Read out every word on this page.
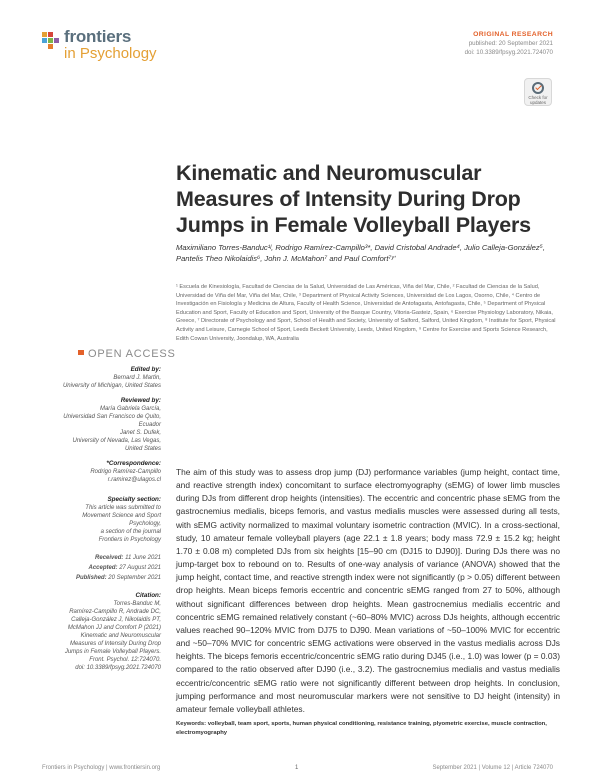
frontiers
in Psychology
ORIGINAL RESEARCH
published: 20 September 2021
doi: 10.3389/fpsyg.2021.724070
Check for updates
Kinematic and Neuromuscular Measures of Intensity During Drop Jumps in Female Volleyball Players
Maximiliano Torres-Banduc¹ʲ, Rodrigo Ramírez-Campillo³*, David Cristobal Andrade⁴, Julio Calleja-González⁵, Pantelis Theo Nikolaidis⁶, John J. McMahon⁷ and Paul Comfort⁷ʸʹ
¹ Escuela de Kinesiología, Facultad de Ciencias de la Salud, Universidad de Las Américas, Viña del Mar, Chile, ² Facultad de Ciencias de la Salud, Universidad de Viña del Mar, Viña del Mar, Chile, ³ Department of Physical Activity Sciences, Universidad de Los Lagos, Osorno, Chile, ⁴ Centro de Investigación en Fisiología y Medicina de Altura, Faculty of Health Science, Universidad de Antofagasta, Antofagasta, Chile, ⁵ Department of Physical Education and Sport, Faculty of Education and Sport, University of the Basque Country, Vitoria-Gasteiz, Spain, ⁶ Exercise Physiology Laboratory, Nikaia, Greece, ⁷ Directorate of Psychology and Sport, School of Health and Society, University of Salford, Salford, United Kingdom, ⁸ Institute for Sport, Physical Activity and Leisure, Carnegie School of Sport, Leeds Beckett University, Leeds, United Kingdom, ⁹ Centre for Exercise and Sports Science Research, Edith Cowan University, Joondalup, WA, Australia
OPEN ACCESS
Edited by:
Bernard J. Martin,
University of Michigan, United States
Reviewed by:
María Gabriela García,
Universidad San Francisco de Quito,
Ecuador
Janet S. Dufek,
University of Nevada, Las Vegas,
United States
*Correspondence:
Rodrigo Ramírez-Campillo
r.ramirez@ulagos.cl
Specialty section:
This article was submitted to
Movement Science and Sport
Psychology,
a section of the journal
Frontiers in Psychology
Received: 11 June 2021
Accepted: 27 August 2021
Published: 20 September 2021
Citation:
Torres-Banduc M,
Ramírez-Campillo R, Andrade DC,
Calleja-González J, Nikolaidis PT,
McMahon JJ and Comfort P (2021)
Kinematic and Neuromuscular
Measures of Intensity During Drop
Jumps in Female Volleyball Players.
Front. Psychol. 12:724070.
doi: 10.3389/fpsyg.2021.724070
The aim of this study was to assess drop jump (DJ) performance variables (jump height, contact time, and reactive strength index) concomitant to surface electromyography (sEMG) of lower limb muscles during DJs from different drop heights (intensities). The eccentric and concentric phase sEMG from the gastrocnemius medialis, biceps femoris, and vastus medialis muscles were assessed during all tests, with sEMG activity normalized to maximal voluntary isometric contraction (MVIC). In a cross-sectional, study, 10 amateur female volleyball players (age 22.1 ± 1.8 years; body mass 72.9 ± 15.2 kg; height 1.70 ± 0.08 m) completed DJs from six heights [15–90 cm (DJ15 to DJ90)]. During DJs there was no jump-target box to rebound on to. Results of one-way analysis of variance (ANOVA) showed that the jump height, contact time, and reactive strength index were not significantly (p > 0.05) different between drop heights. Mean biceps femoris eccentric and concentric sEMG ranged from 27 to 50%, although without significant differences between drop heights. Mean gastrocnemius medialis eccentric and concentric sEMG remained relatively constant (~60–80% MVIC) across DJs heights, although eccentric values reached 90–120% MVIC from DJ75 to DJ90. Mean variations of ~50–100% MVIC for eccentric and ~50–70% MVIC for concentric sEMG activations were observed in the vastus medialis across DJs heights. The biceps femoris eccentric/concentric sEMG ratio during DJ45 (i.e., 1.0) was lower (p = 0.03) compared to the ratio observed after DJ90 (i.e., 3.2). The gastrocnemius medialis and vastus medialis eccentric/concentric sEMG ratio were not significantly different between drop heights. In conclusion, jumping performance and most neuromuscular markers were not sensitive to DJ height (intensity) in amateur female volleyball athletes.
Keywords: volleyball, team sport, sports, human physical conditioning, resistance training, plyometric exercise, muscle contraction, electromyography
Frontiers in Psychology | www.frontiersin.org	1	September 2021 | Volume 12 | Article 724070
